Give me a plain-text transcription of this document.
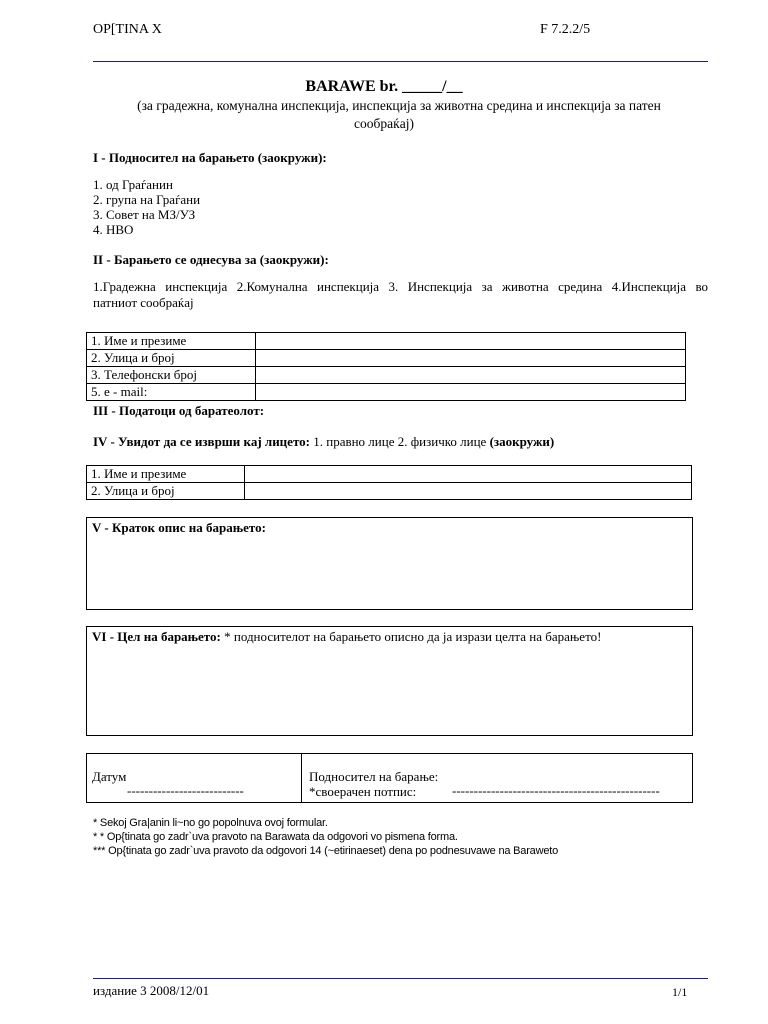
OP[TINA X	F 7.2.2/5
BARAWE br. _____/__
(за градежна, комунална инспекција, инспекција за животна средина и инспекција за патен
сообраќај)
I - Подносител на барањето (заокружи):
1. од Граѓанин
2. група на Граѓани
3. Совет на МЗ/УЗ
4. НВО
II - Барањето се однесува за (заокружи):
1.Градежна инспекција 2.Комунална инспекција 3. Инспекција за животна средина 4.Инспекција во
патниот сообраќај
1. Име и презиме	
2. Улица и број	
3. Телефонски број	
5. е - mail:	
III - Податоци од баратеолот:
IV - Увидот да се изврши кај лицето: 1. правно лице 2. физичко лице (заокружи)
1. Име и презиме	
2. Улица и број	
V - Краток опис на барањето:
VI - Цел на барањето: * подносителот на барањето описно да ја изрази целта на барањето!
Датум
---------------------------
Подносител на барање:
*своерачен потпис:	------------------------------------------------
* Sekoj Gra|anin li~no go popolnuva ovoj formular.
* * Op{tinata go zadr`uva pravoto na Barawata da odgovori vo pismena forma.
*** Op{tinata go zadr`uva pravoto da odgovori 14 (~etirinaeset) dena po podnesuvawe na Baraweto
издание 3 2008/12/01	1/1
